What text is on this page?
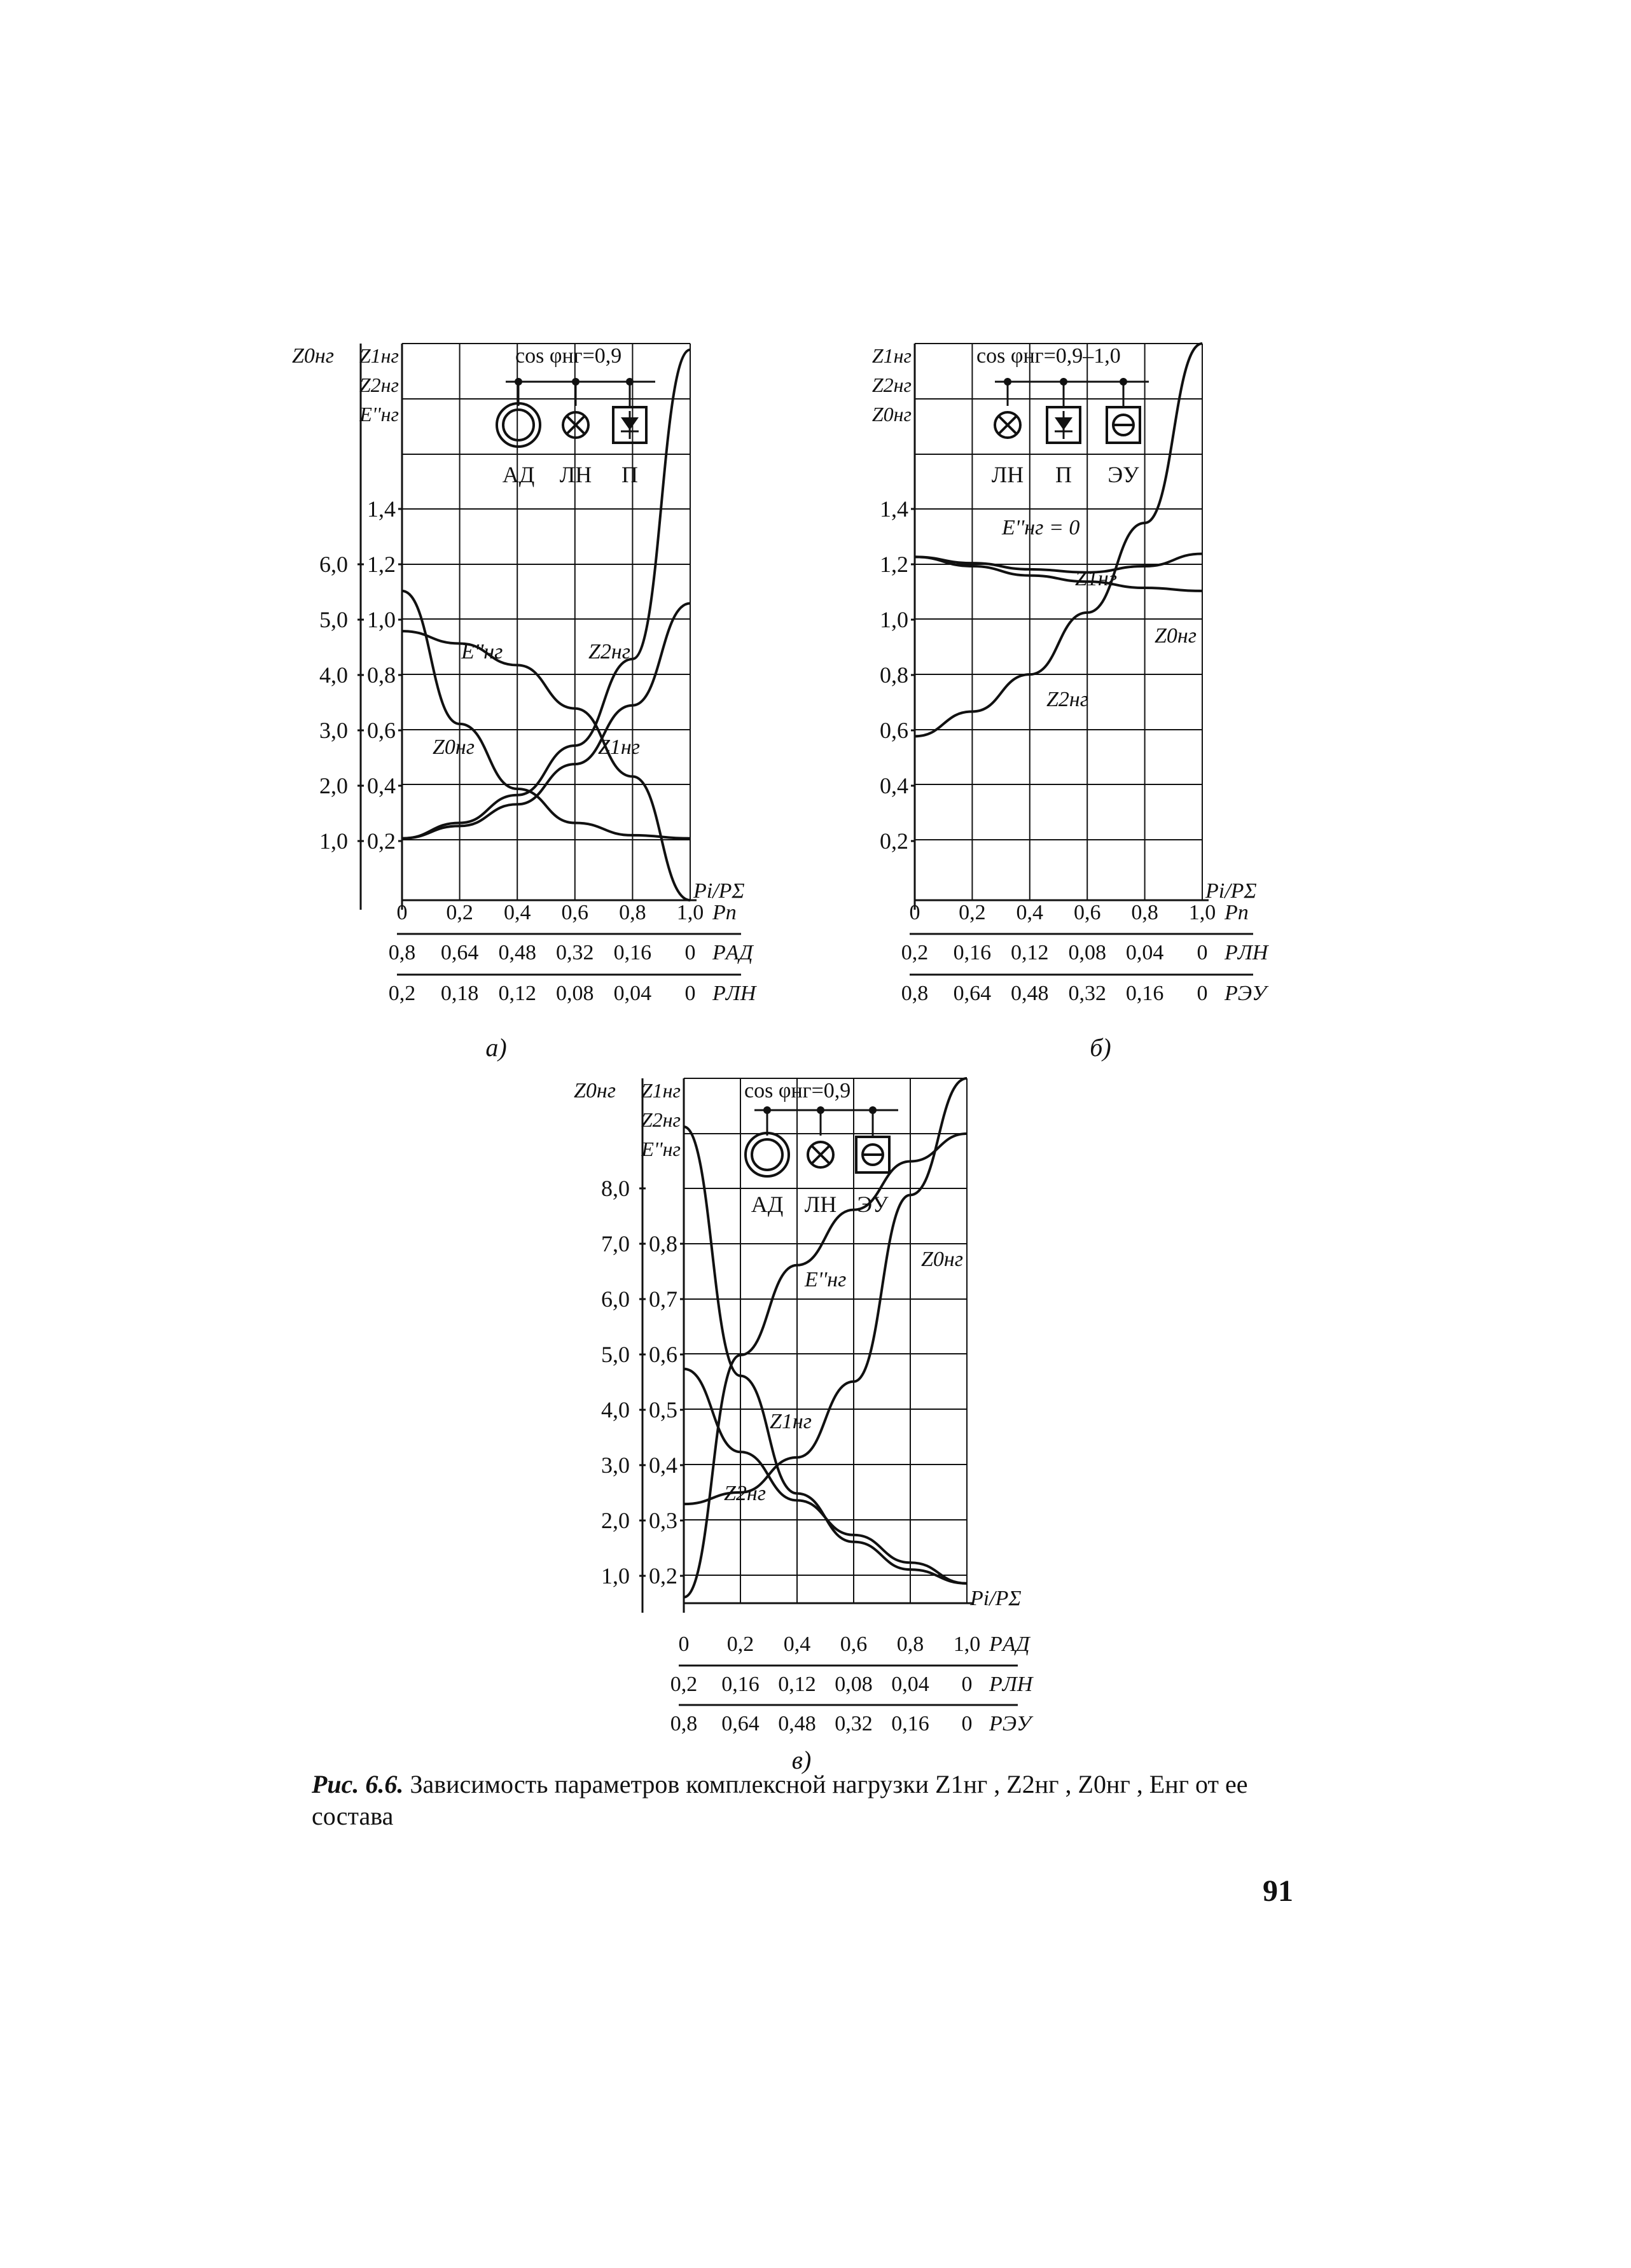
1,4
1,2
1,0
0,8
0,6
0,4
0,2
6,0
5,0
4,0
3,0
2,0
1,0
Z0нг Z1нг
Z2нг
E''нг
cos φнг=0,9
АД ЛН П
E''нг	Z2нг
Z0нг	Z1нг
Pi/PΣ
0 0,2 0,4 0,6 0,8 1,0 Pп
0,8 0,64 0,48 0,32 0,16 0 PАД
0,2 0,18 0,12 0,08 0,04 0 PЛН
а)
1,4
1,2
1,0
0,8
0,6
0,4
0,2
Z1нг
Z2нг
Z0нг
cos φнг=0,9–1,0
ЛН П ЭУ
E''нг = 0
Z1нг
Z0нг
Z2нг
Pi/PΣ
0 0,2 0,4 0,6 0,8 1,0 Pп
0,2 0,16 0,12 0,08 0,04 0 PЛН
0,8 0,64 0,48 0,32 0,16 0 PЭУ
б)
0,8
0,7
0,6
0,5
0,4
0,3
0,2
8,0
7,0
6,0
5,0
4,0
3,0
2,0
1,0
Z0нг Z1нг
Z2нг
E''нг
cos φнг=0,9
АД ЛН ЭУ
Z0нг
E''нг
Z1нг
Z2нг
Pi/PΣ
0 0,2 0,4 0,6 0,8 1,0 PАД
0,2 0,16 0,12 0,08 0,04 0 PЛН
0,8 0,64 0,48 0,32 0,16 0 PЭУ
в)
Рис. 6.6. Зависимость параметров комплексной нагрузки Z1нг , Z2нг , Z0нг , Eнг от ее состава
91
